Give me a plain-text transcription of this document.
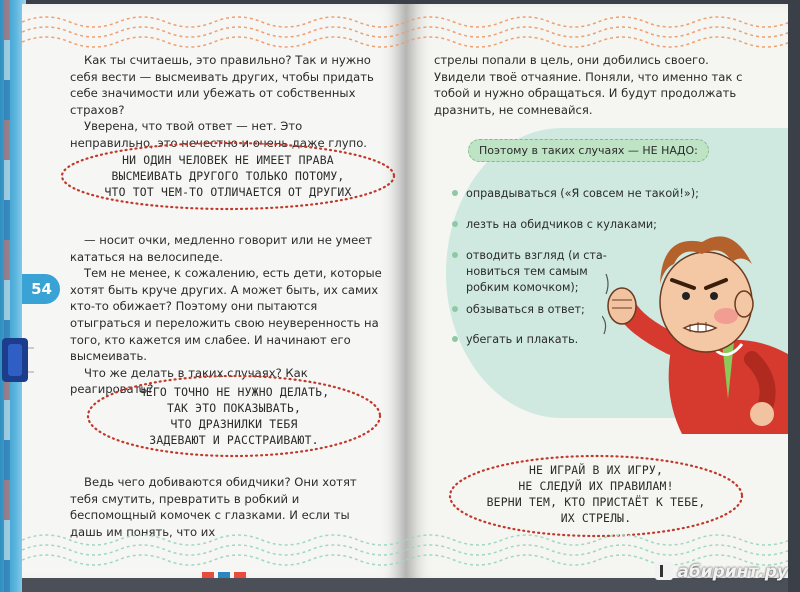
Как ты считаешь, это правильно? Так и нужно себя вести — высмеивать других, чтобы придать себе значимости или убежать от собственных страхов?

Уверена, что твой ответ — нет. Это неправильно, это нечестно и очень даже глупо.

НИ ОДИН ЧЕЛОВЕК НЕ ИМЕЕТ ПРАВА
ВЫСМЕИВАТЬ ДРУГОГО ТОЛЬКО ПОТОМУ,
ЧТО ТОТ ЧЕМ-ТО ОТЛИЧАЕТСЯ ОТ ДРУГИХ

— носит очки, медленно говорит или не умеет кататься на велосипеде.

Тем не менее, к сожалению, есть дети, которые хотят быть круче других. А может быть, их самих кто-то обижает? Поэтому они пытаются отыграться и переложить свою неуверенность на того, кто кажется им слабее. И начинают его высмеивать.

Что же делать в таких случаях? Как реагировать?

54
ЧЕГО ТОЧНО НЕ НУЖНО ДЕЛАТЬ,
ТАК ЭТО ПОКАЗЫВАТЬ,
ЧТО ДРАЗНИЛКИ ТЕБЯ
ЗАДЕВАЮТ И РАССТРАИВАЮТ.

Ведь чего добиваются обидчики? Они хотят тебя смутить, превратить в робкий и беспомощный комочек с глазками. И если ты дашь им понять, что их

стрелы попали в цель, они добились своего. Увидели твоё отчаяние. Поняли, что именно так с тобой и нужно обращаться. И будут продолжать дразнить, не сомневайся.

Поэтому в таких случаях — НЕ НАДО:
оправдываться («Я совсем не такой!»);
лезть на обидчиков с кулаками;
отводить взгляд (и ста-
новиться тем самым
робким комочком);
обзываться в ответ;
убегать и плакать.
НЕ ИГРАЙ В ИХ ИГРУ,
НЕ СЛЕДУЙ ИХ ПРАВИЛАМ!
ВЕРНИ ТЕМ, КТО ПРИСТАЁТ К ТЕБЕ,
ИХ СТРЕЛЫ.
абиринт.ру
